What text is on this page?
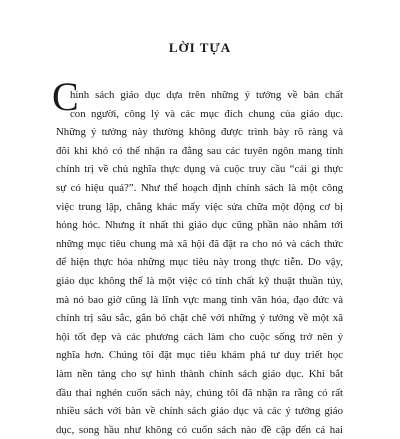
LỜI TỰA
C
hính sách giáo dục dựa trên những ý tưởng về bản chất
con người, công lý và các mục đích chung của giáo dục.
Những ý tưởng này thường không được trình bày rõ ràng và
đôi khi khó có thể nhận ra đằng sau các tuyên ngôn mang tính
chính trị về chủ nghĩa thực dụng và cuộc truy cầu “cái gì thực
sự có hiệu quả?”. Như thể hoạch định chính sách là một công
việc trung lập, chẳng khác mấy việc sửa chữa một động cơ bị
hỏng hóc. Nhưng ít nhất thì giáo dục cũng phần nào nhằm tới
những mục tiêu chung mà xã hội đã đặt ra cho nó và cách thức
để hiện thực hóa những mục tiêu này trong thực tiễn. Do vậy,
giáo dục không thể là một việc có tính chất kỹ thuật thuần túy,
mà nó bao giờ cũng là lĩnh vực mang tính văn hóa, đạo đức và
chính trị sâu sắc, gắn bó chặt chẽ với những ý tưởng về một xã
hội tốt đẹp và các phương cách làm cho cuộc sống trở nên ý
nghĩa hơn. Chúng tôi đặt mục tiêu khám phá tư duy triết học
làm nền tảng cho sự hình thành chính sách giáo dục. Khi bắt
đầu thai nghén cuốn sách này, chúng tôi đã nhận ra rằng có rất
nhiều sách với bàn về chính sách giáo dục và các ý tưởng giáo
dục, song hầu như không có cuốn sách nào đề cập đến cả hai
